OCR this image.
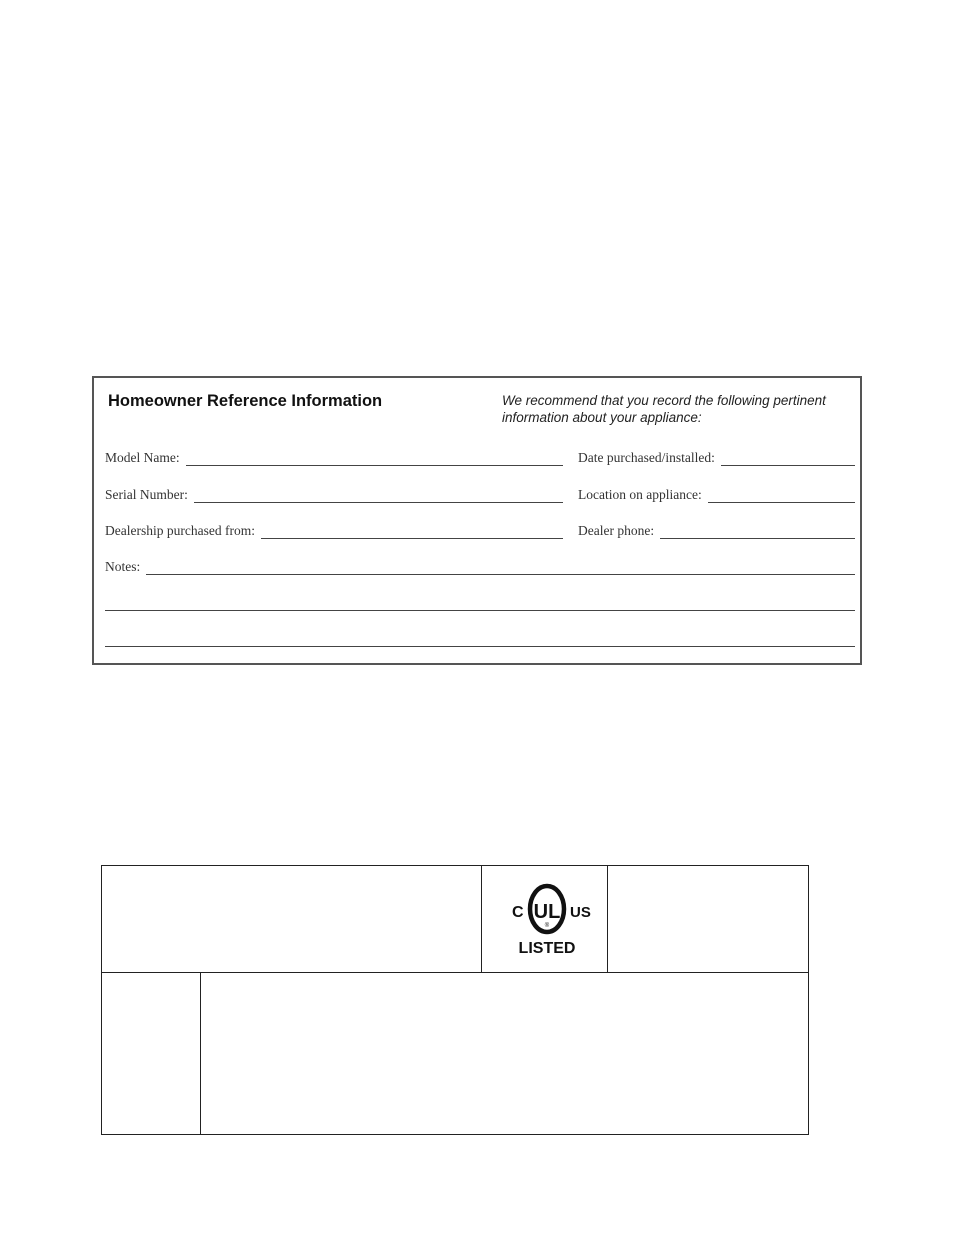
Homeowner Reference Information	We recommend that you record the following pertinent information about your appliance:
Model Name:	Date purchased/installed:
Serial Number:	Location on appliance:
Dealership purchased from:	Dealer phone:
Notes:
C UL
®
US
LISTED
